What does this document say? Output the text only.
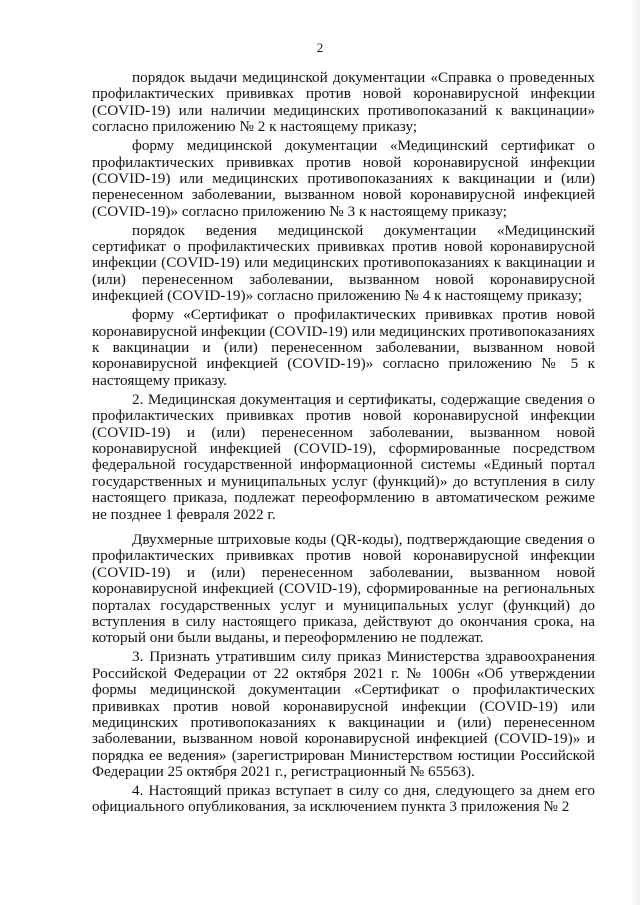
2

порядок выдачи медицинской документации «Справка о проведенных профилактических прививках против новой коронавирусной инфекции (COVID-19) или наличии медицинских противопоказаний к вакцинации» согласно приложению № 2 к настоящему приказу;

форму медицинской документации «Медицинский сертификат о профилактических прививках против новой коронавирусной инфекции (COVID-19) или медицинских противопоказаниях к вакцинации и (или) перенесенном заболевании, вызванном новой коронавирусной инфекцией (COVID-19)» согласно приложению № 3 к настоящему приказу;

порядок ведения медицинской документации «Медицинский сертификат о профилактических прививках против новой коронавирусной инфекции (COVID-19) или медицинских противопоказаниях к вакцинации и (или) перенесенном заболевании, вызванном новой коронавирусной инфекцией (COVID-19)» согласно приложению № 4 к настоящему приказу;

форму «Сертификат о профилактических прививках против новой коронавирусной инфекции (COVID-19) или медицинских противопоказаниях к вакцинации и (или) перенесенном заболевании, вызванном новой коронавирусной инфекцией (COVID-19)» согласно приложению № 5 к настоящему приказу.

2. Медицинская документация и сертификаты, содержащие сведения о профилактических прививках против новой коронавирусной инфекции (COVID-19) и (или) перенесенном заболевании, вызванном новой коронавирусной инфекцией (COVID-19), сформированные посредством федеральной государственной информационной системы «Единый портал государственных и муниципальных услуг (функций)» до вступления в силу настоящего приказа, подлежат переоформлению в автоматическом режиме не позднее 1 февраля 2022 г.

Двухмерные штриховые коды (QR-коды), подтверждающие сведения о профилактических прививках против новой коронавирусной инфекции (COVID-19) и (или) перенесенном заболевании, вызванном новой коронавирусной инфекцией (COVID-19), сформированные на региональных порталах государственных услуг и муниципальных услуг (функций) до вступления в силу настоящего приказа, действуют до окончания срока, на который они были выданы, и переоформлению не подлежат.

3. Признать утратившим силу приказ Министерства здравоохранения Российской Федерации от 22 октября 2021 г. № 1006н «Об утверждении формы медицинской документации «Сертификат о профилактических прививках против новой коронавирусной инфекции (COVID-19) или медицинских противопоказаниях к вакцинации и (или) перенесенном заболевании, вызванном новой коронавирусной инфекцией (COVID-19)» и порядка ее ведения» (зарегистрирован Министерством юстиции Российской Федерации 25 октября 2021 г., регистрационный № 65563).

4. Настоящий приказ вступает в силу со дня, следующего за днем его официального опубликования, за исключением пункта 3 приложения № 2
